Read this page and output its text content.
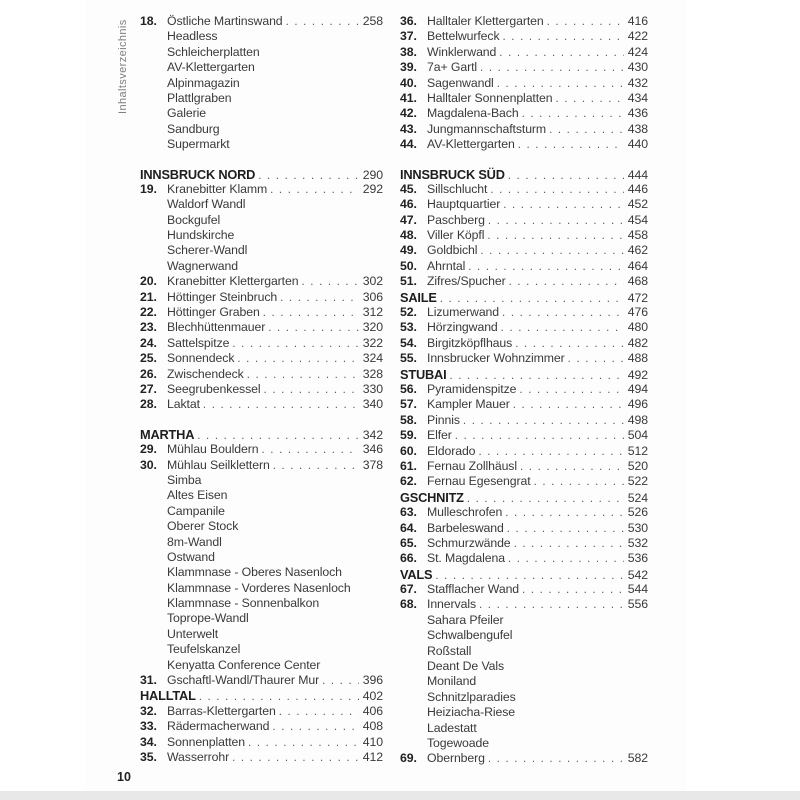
Inhaltsverzeichnis 18. Östliche Martinswand . . .	258
Headless
Schleicherplatten
AV-Klettergarten
Alpinmagazin
Plattlgraben
Galerie
Sandburg
Supermarkt
INNSBRUCK NORD . . .	290
19. Kranebitter Klamm . . .	292
Waldorf Wandl
Bockgufel
Hundskirche
Scherer-Wandl
Wagnerwand
20. Kranebitter Klettergarten . . .	302
21. Höttinger Steinbruch . . .	306
22. Höttinger Graben . . .	312
23. Blechhüttenmauer . . .	320
24. Sattelspitze . . .	322
25. Sonnendeck . . .	324
26. Zwischendeck . . .	328
27. Seegrubenkessel . . .	330
28. Laktat . . .	340
MARTHA . . .	342
29. Mühlau Bouldern . . .	346
30. Mühlau Seilklettern . . .	378
Simba
Altes Eisen
Campanile
Oberer Stock
8m-Wandl
Ostwand
Klammnase - Oberes Nasenloch
Klammnase - Vorderes Nasenloch
Klammnase - Sonnenbalkon
Toprope-Wandl
Unterwelt
Teufelskanzel
Kenyatta Conference Center
31. Gschaftl-Wandl/Thaurer Mur . . .	396
HALLTAL . . .	402
32. Barras-Klettergarten . . .	406
33. Rädermacherwand . . .	408
34. Sonnenplatten . . .	410
35. Wasserrohr . . .	412
36. Halltaler Klettergarten . . .	416
37. Bettelwurfeck . . .	422
38. Winklerwand . . .	424
39. 7a+ Gartl . . .	430
40. Sagenwandl . . .	432
41. Halltaler Sonnenplatten . . .	434
42. Magdalena-Bach . . .	436
43. Jungmannschaftsturm . . .	438
44. AV-Klettergarten . . .	440
INNSBRUCK SÜD . . .	444
45. Sillschlucht . . .	446
46. Hauptquartier . . .	452
47. Paschberg . . .	454
48. Viller Köpfl . . .	458
49. Goldbichl . . .	462
50. Ahrntal . . .	464
51. Zifres/Spucher . . .	468
SAILE . . .	472
52. Lizumerwand . . .	476
53. Hörzingwand . . .	480
54. Birgitzköpflhaus . . .	482
55. Innsbrucker Wohnzimmer . . .	488
STUBAI . . .	492
56. Pyramidenspitze . . .	494
57. Kampler Mauer . . .	496
58. Pinnis . . .	498
59. Elfer . . .	504
60. Eldorado . . .	512
61. Fernau Zollhäusl . . .	520
62. Fernau Egesengrat . . .	522
GSCHNITZ . . .	524
63. Mulleschrofen . . .	526
64. Barbeleswand . . .	530
65. Schmurzwände . . .	532
66. St. Magdalena . . .	536
VALS . . .	542
67. Stafflacher Wand . . .	544
68. Innervals . . .	556
Sahara Pfeiler
Schwalbengufel
Roßstall
Deant De Vals
Moniland
Schnitzlparadies
Heiziacha-Riese
Ladestatt
Togewoade
69. Obernberg . . .	582
10
